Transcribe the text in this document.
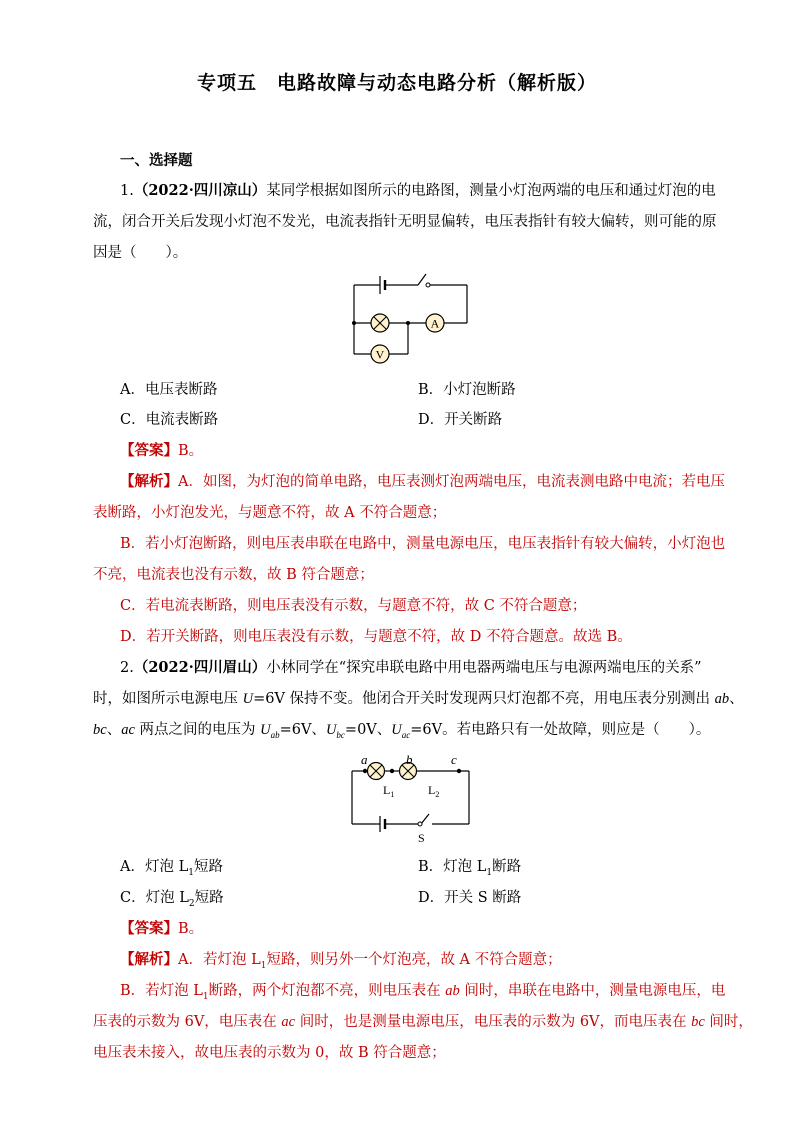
专项五　电路故障与动态电路分析（解析版）
一、选择题
1.（2022·四川凉山）某同学根据如图所示的电路图，测量小灯泡两端的电压和通过灯泡的电
流，闭合开关后发现小灯泡不发光，电流表指针无明显偏转，电压表指针有较大偏转，则可能的原
因是（　　）。
A
V
A．电压表断路	B．小灯泡断路
C．电流表断路	D．开关断路
【答案】B。
【解析】A．如图，为灯泡的简单电路，电压表测灯泡两端电压，电流表测电路中电流；若电压
表断路，小灯泡发光，与题意不符，故 A 不符合题意；
B．若小灯泡断路，则电压表串联在电路中，测量电源电压，电压表指针有较大偏转，小灯泡也
不亮，电流表也没有示数，故 B 符合题意；
C．若电流表断路，则电压表没有示数，与题意不符，故 C 不符合题意；
D．若开关断路，则电压表没有示数，与题意不符，故 D 不符合题意。故选 B。
2.（2022·四川眉山）小林同学在“探究串联电路中用电器两端电压与电源两端电压的关系”
时，如图所示电源电压 U=6V 保持不变。他闭合开关时发现两只灯泡都不亮，用电压表分别测出 ab、
bc、ac 两点之间的电压为 $U_{ab}=6V$、$U_{bc}=0V$、$U_{ac}=6V$。若电路只有一处故障，则应是（　　）。
a	b	c
$L_1$	$L_2$
S
A．灯泡 $L_1$短路	B．灯泡 $L_1$断路
C．灯泡 $L_2$短路	D．开关 S 断路
【答案】B。
【解析】A．若灯泡 $L_1$短路，则另外一个灯泡亮，故 A 不符合题意；
B．若灯泡 $L_1$断路，两个灯泡都不亮，则电压表在 ab 间时，串联在电路中，测量电源电压，电
压表的示数为 6V，电压表在 ac 间时，也是测量电源电压，电压表的示数为 6V，而电压表在 bc 间时，
电压表未接入，故电压表的示数为 0，故 B 符合题意；
